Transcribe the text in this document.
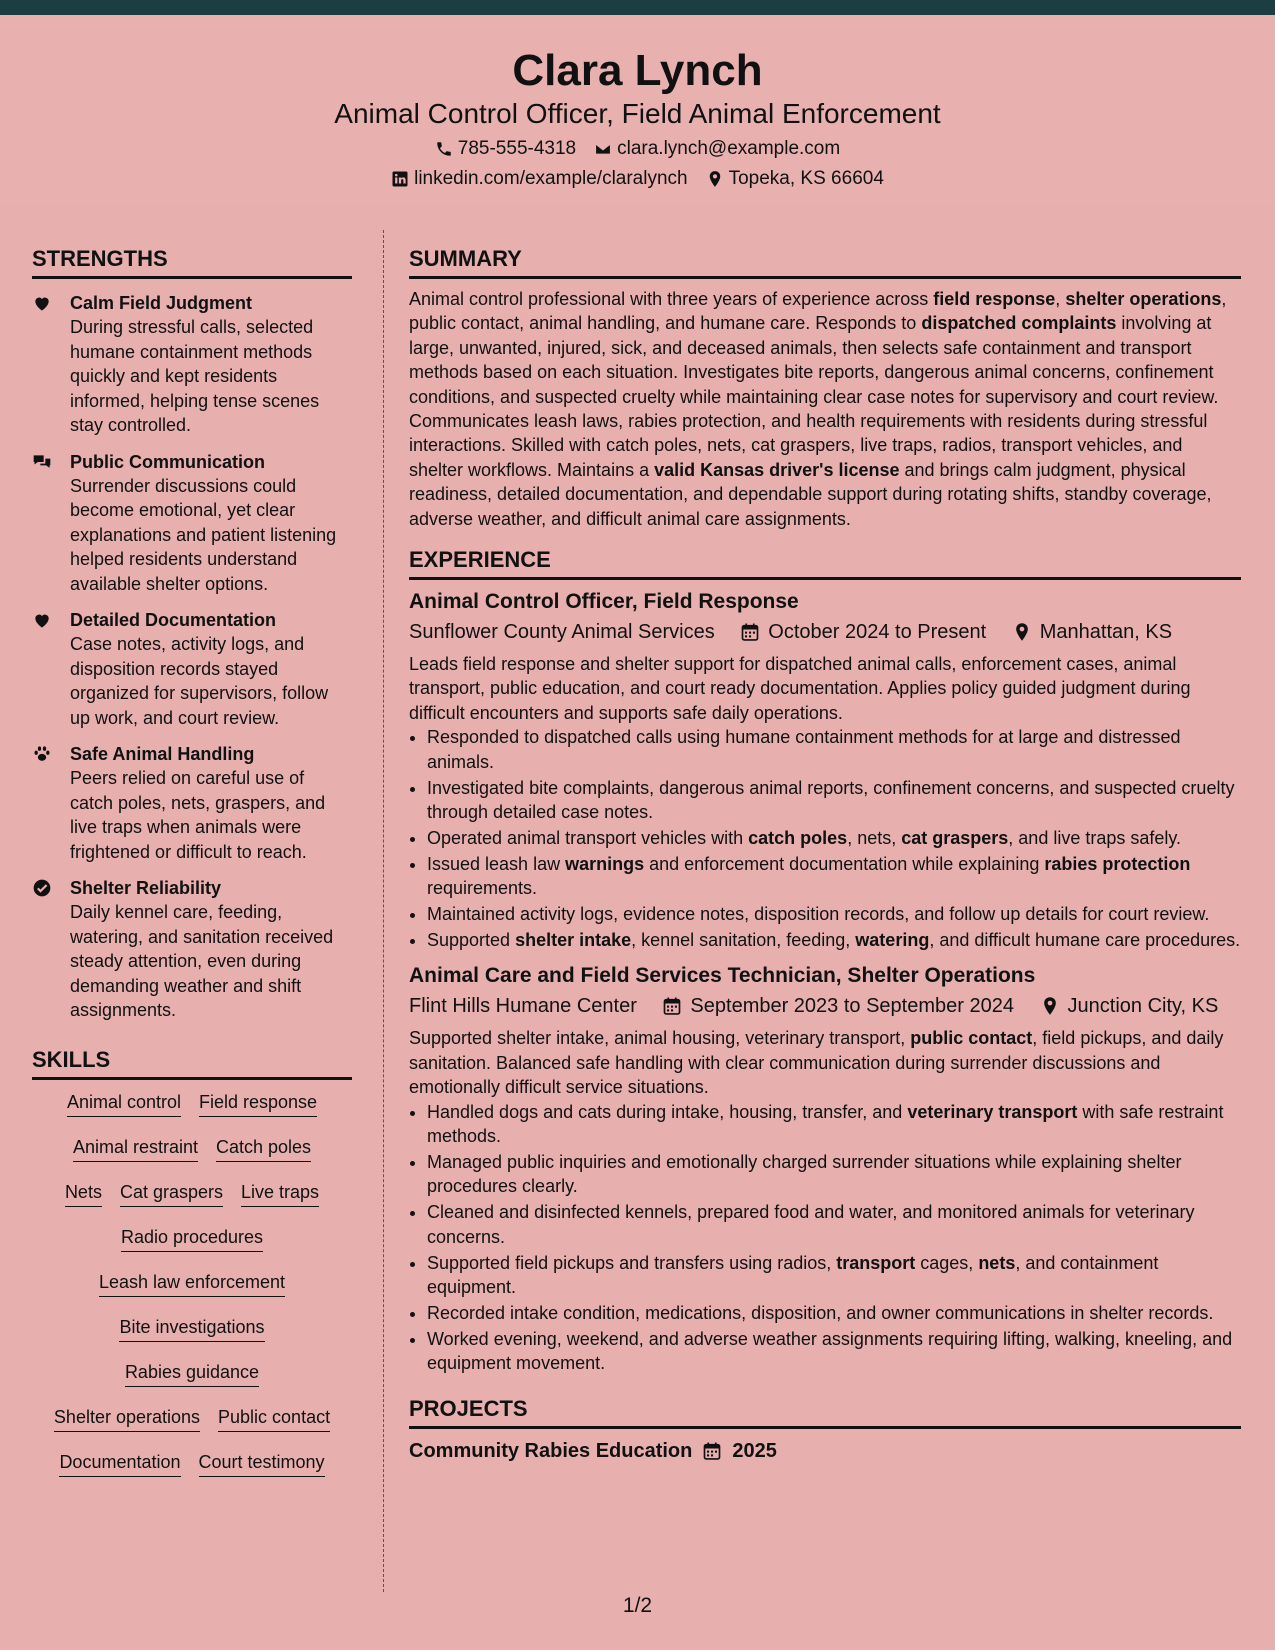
Clara Lynch
Animal Control Officer, Field Animal Enforcement
785-555-4318 clara.lynch@example.com
linkedin.com/example/claralynch Topeka, KS 66604
STRENGTHS
Calm Field Judgment
During stressful calls, selected humane containment methods quickly and kept residents informed, helping tense scenes stay controlled.
Public Communication
Surrender discussions could become emotional, yet clear explanations and patient listening helped residents understand available shelter options.
Detailed Documentation
Case notes, activity logs, and disposition records stayed organized for supervisors, follow up work, and court review.
Safe Animal Handling
Peers relied on careful use of catch poles, nets, graspers, and live traps when animals were frightened or difficult to reach.
Shelter Reliability
Daily kennel care, feeding, watering, and sanitation received steady attention, even during demanding weather and shift assignments.
SKILLS
Animal control Field response
Animal restraint Catch poles
Nets Cat graspers Live traps
Radio procedures
Leash law enforcement
Bite investigations
Rabies guidance
Shelter operations Public contact
Documentation Court testimony
SUMMARY
Animal control professional with three years of experience across field response, shelter operations, public contact, animal handling, and humane care. Responds to dispatched complaints involving at large, unwanted, injured, sick, and deceased animals, then selects safe containment and transport methods based on each situation. Investigates bite reports, dangerous animal concerns, confinement conditions, and suspected cruelty while maintaining clear case notes for supervisory and court review. Communicates leash laws, rabies protection, and health requirements with residents during stressful interactions. Skilled with catch poles, nets, cat graspers, live traps, radios, transport vehicles, and shelter workflows. Maintains a valid Kansas driver's license and brings calm judgment, physical readiness, detailed documentation, and dependable support during rotating shifts, standby coverage, adverse weather, and difficult animal care assignments.
EXPERIENCE
Animal Control Officer, Field Response
Sunflower County Animal Services
	October 2024 to Present
	Manhattan, KS
Leads field response and shelter support for dispatched animal calls, enforcement cases, animal transport, public education, and court ready documentation. Applies policy guided judgment during difficult encounters and supports safe daily operations.
• Responded to dispatched calls using humane containment methods for at large and distressed animals.
• Investigated bite complaints, dangerous animal reports, confinement concerns, and suspected cruelty through detailed case notes.
• Operated animal transport vehicles with catch poles, nets, cat graspers, and live traps safely.
• Issued leash law warnings and enforcement documentation while explaining rabies protection requirements.
• Maintained activity logs, evidence notes, disposition records, and follow up details for court review.
• Supported shelter intake, kennel sanitation, feeding, watering, and difficult humane care procedures.
Animal Care and Field Services Technician, Shelter Operations
Flint Hills Humane Center
	September 2023 to September 2024
	Junction City, KS
Supported shelter intake, animal housing, veterinary transport, public contact, field pickups, and daily sanitation. Balanced safe handling with clear communication during surrender discussions and emotionally difficult service situations.
• Handled dogs and cats during intake, housing, transfer, and veterinary transport with safe restraint methods.
• Managed public inquiries and emotionally charged surrender situations while explaining shelter procedures clearly.
• Cleaned and disinfected kennels, prepared food and water, and monitored animals for veterinary concerns.
• Supported field pickups and transfers using radios, transport cages, nets, and containment equipment.
• Recorded intake condition, medications, disposition, and owner communications in shelter records.
• Worked evening, weekend, and adverse weather assignments requiring lifting, walking, kneeling, and equipment movement.
PROJECTS
Community Rabies Education 2025
1/2
